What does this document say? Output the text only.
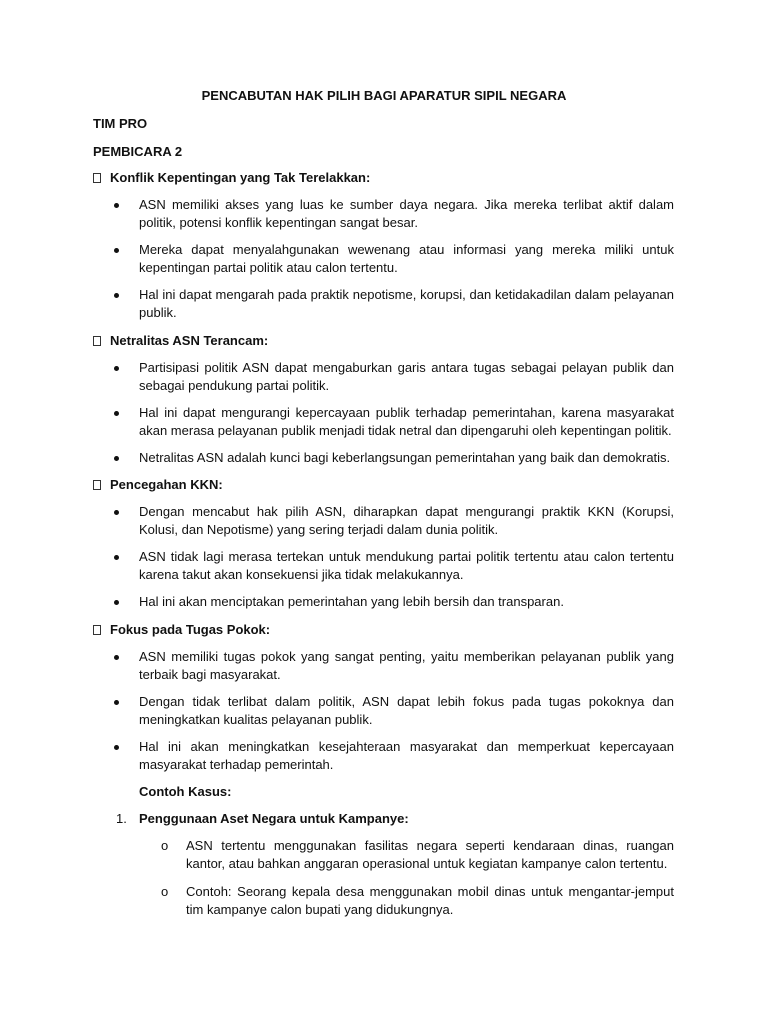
PENCABUTAN HAK PILIH BAGI APARATUR SIPIL NEGARA
TIM PRO
PEMBICARA 2
Konflik Kepentingan yang Tak Terelakkan:
ASN memiliki akses yang luas ke sumber daya negara. Jika mereka terlibat aktif dalam politik, potensi konflik kepentingan sangat besar.
Mereka dapat menyalahgunakan wewenang atau informasi yang mereka miliki untuk kepentingan partai politik atau calon tertentu.
Hal ini dapat mengarah pada praktik nepotisme, korupsi, dan ketidakadilan dalam pelayanan publik.
Netralitas ASN Terancam:
Partisipasi politik ASN dapat mengaburkan garis antara tugas sebagai pelayan publik dan sebagai pendukung partai politik.
Hal ini dapat mengurangi kepercayaan publik terhadap pemerintahan, karena masyarakat akan merasa pelayanan publik menjadi tidak netral dan dipengaruhi oleh kepentingan politik.
Netralitas ASN adalah kunci bagi keberlangsungan pemerintahan yang baik dan demokratis.
Pencegahan KKN:
Dengan mencabut hak pilih ASN, diharapkan dapat mengurangi praktik KKN (Korupsi, Kolusi, dan Nepotisme) yang sering terjadi dalam dunia politik.
ASN tidak lagi merasa tertekan untuk mendukung partai politik tertentu atau calon tertentu karena takut akan konsekuensi jika tidak melakukannya.
Hal ini akan menciptakan pemerintahan yang lebih bersih dan transparan.
Fokus pada Tugas Pokok:
ASN memiliki tugas pokok yang sangat penting, yaitu memberikan pelayanan publik yang terbaik bagi masyarakat.
Dengan tidak terlibat dalam politik, ASN dapat lebih fokus pada tugas pokoknya dan meningkatkan kualitas pelayanan publik.
Hal ini akan meningkatkan kesejahteraan masyarakat dan memperkuat kepercayaan masyarakat terhadap pemerintah.
Contoh Kasus:
1. Penggunaan Aset Negara untuk Kampanye:
o ASN tertentu menggunakan fasilitas negara seperti kendaraan dinas, ruangan kantor, atau bahkan anggaran operasional untuk kegiatan kampanye calon tertentu.
o Contoh: Seorang kepala desa menggunakan mobil dinas untuk mengantar-jemput tim kampanye calon bupati yang didukungnya.
